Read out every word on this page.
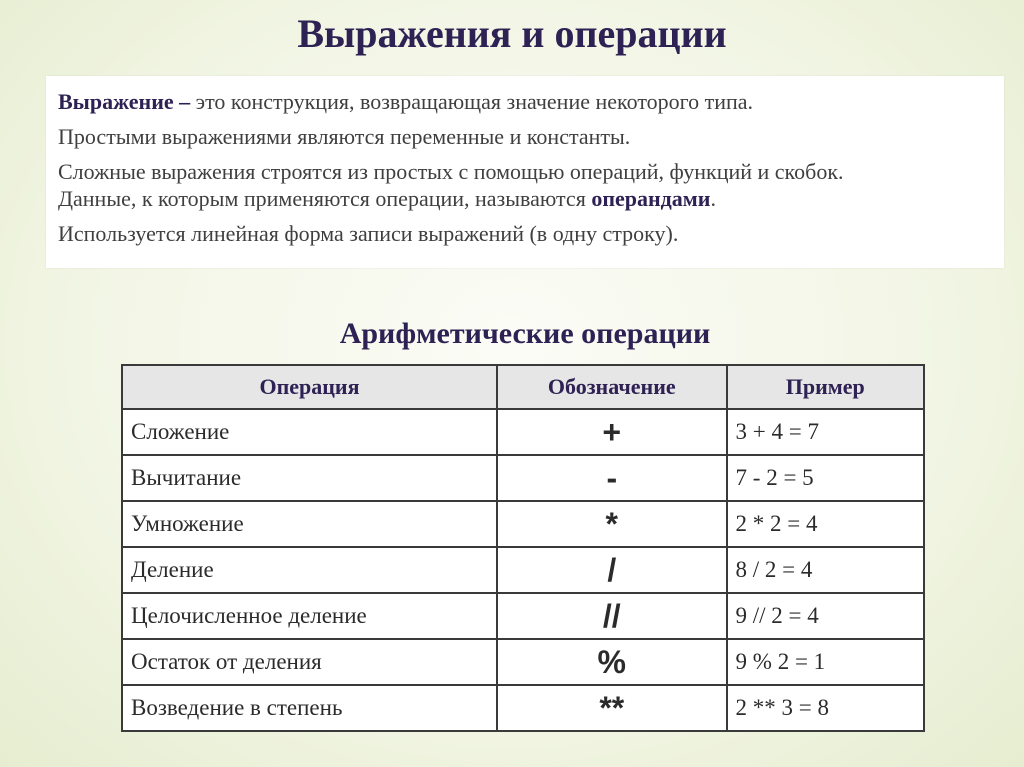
Выражения и операции

Выражение – это конструкция, возвращающая значение некоторого типа.

Простыми выражениями являются переменные и константы.

Сложные выражения строятся из простых с помощью операций, функций и скобок.
Данные, к которым применяются операции, называются операндами.

Используется линейная форма записи выражений (в одну строку).

Арифметические операции
Операция	Обозначение	Пример
Сложение	+	3 + 4 = 7
Вычитание	-	7 - 2 = 5
Умножение	*	2 * 2 = 4
Деление	/	8 / 2 = 4
Целочисленное деление	//	9 // 2 = 4
Остаток от деления	%	9 % 2 = 1
Возведение в степень	**	2 ** 3 = 8
